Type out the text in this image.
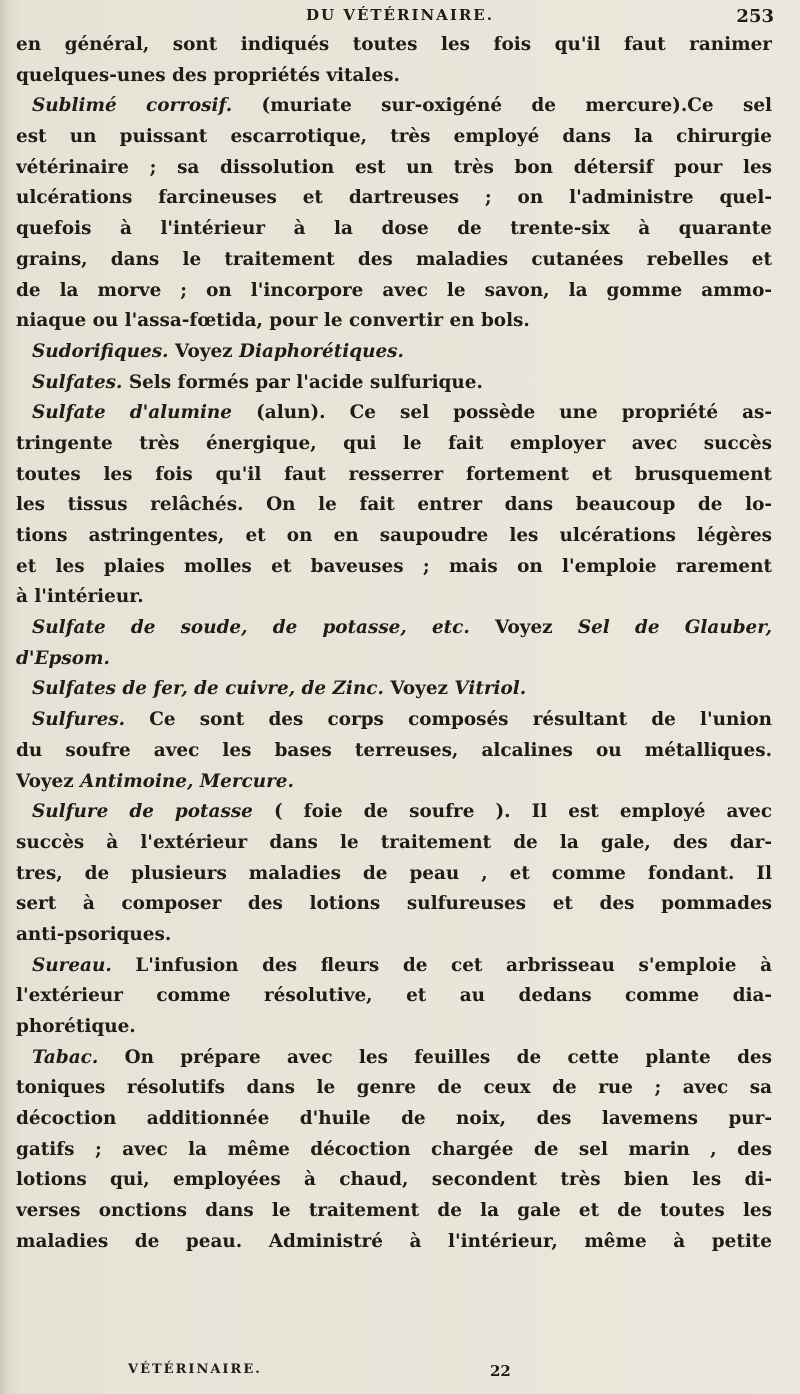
DU VÉTÉRINAIRE.	253
en général, sont indiqués toutes les fois qu'il faut ranimer
quelques-unes des propriétés vitales.
Sublimé corrosif. (muriate sur-oxigéné de mercure).Ce sel
est un puissant escarrotique, très employé dans la chirurgie
vétérinaire ; sa dissolution est un très bon détersif pour les
ulcérations farcineuses et dartreuses ; on l'administre quel-
quefois à l'intérieur à la dose de trente-six à quarante
grains, dans le traitement des maladies cutanées rebelles et
de la morve ; on l'incorpore avec le savon, la gomme ammo-
niaque ou l'assa-fœtida, pour le convertir en bols.
Sudorifiques. Voyez Diaphorétiques.
Sulfates. Sels formés par l'acide sulfurique.
Sulfate d'alumine (alun). Ce sel possède une propriété as-
tringente très énergique, qui le fait employer avec succès
toutes les fois qu'il faut resserrer fortement et brusquement
les tissus relâchés. On le fait entrer dans beaucoup de lo-
tions astringentes, et on en saupoudre les ulcérations légères
et les plaies molles et baveuses ; mais on l'emploie rarement
à l'intérieur.
Sulfate de soude, de potasse, etc. Voyez Sel de Glauber,
d'Epsom.
Sulfates de fer, de cuivre, de Zinc. Voyez Vitriol.
Sulfures. Ce sont des corps composés résultant de l'union
du soufre avec les bases terreuses, alcalines ou métalliques.
Voyez Antimoine, Mercure.
Sulfure de potasse ( foie de soufre ). Il est employé avec
succès à l'extérieur dans le traitement de la gale, des dar-
tres, de plusieurs maladies de peau , et comme fondant. Il
sert à composer des lotions sulfureuses et des pommades
anti-psoriques.
Sureau. L'infusion des fleurs de cet arbrisseau s'emploie à
l'extérieur comme résolutive, et au dedans comme dia-
phorétique.
Tabac. On prépare avec les feuilles de cette plante des
toniques résolutifs dans le genre de ceux de rue ; avec sa
décoction additionnée d'huile de noix, des lavemens pur-
gatifs ; avec la même décoction chargée de sel marin , des
lotions qui, employées à chaud, secondent très bien les di-
verses onctions dans le traitement de la gale et de toutes les
maladies de peau. Administré à l'intérieur, même à petite
VÉTÉRINAIRE.	22
